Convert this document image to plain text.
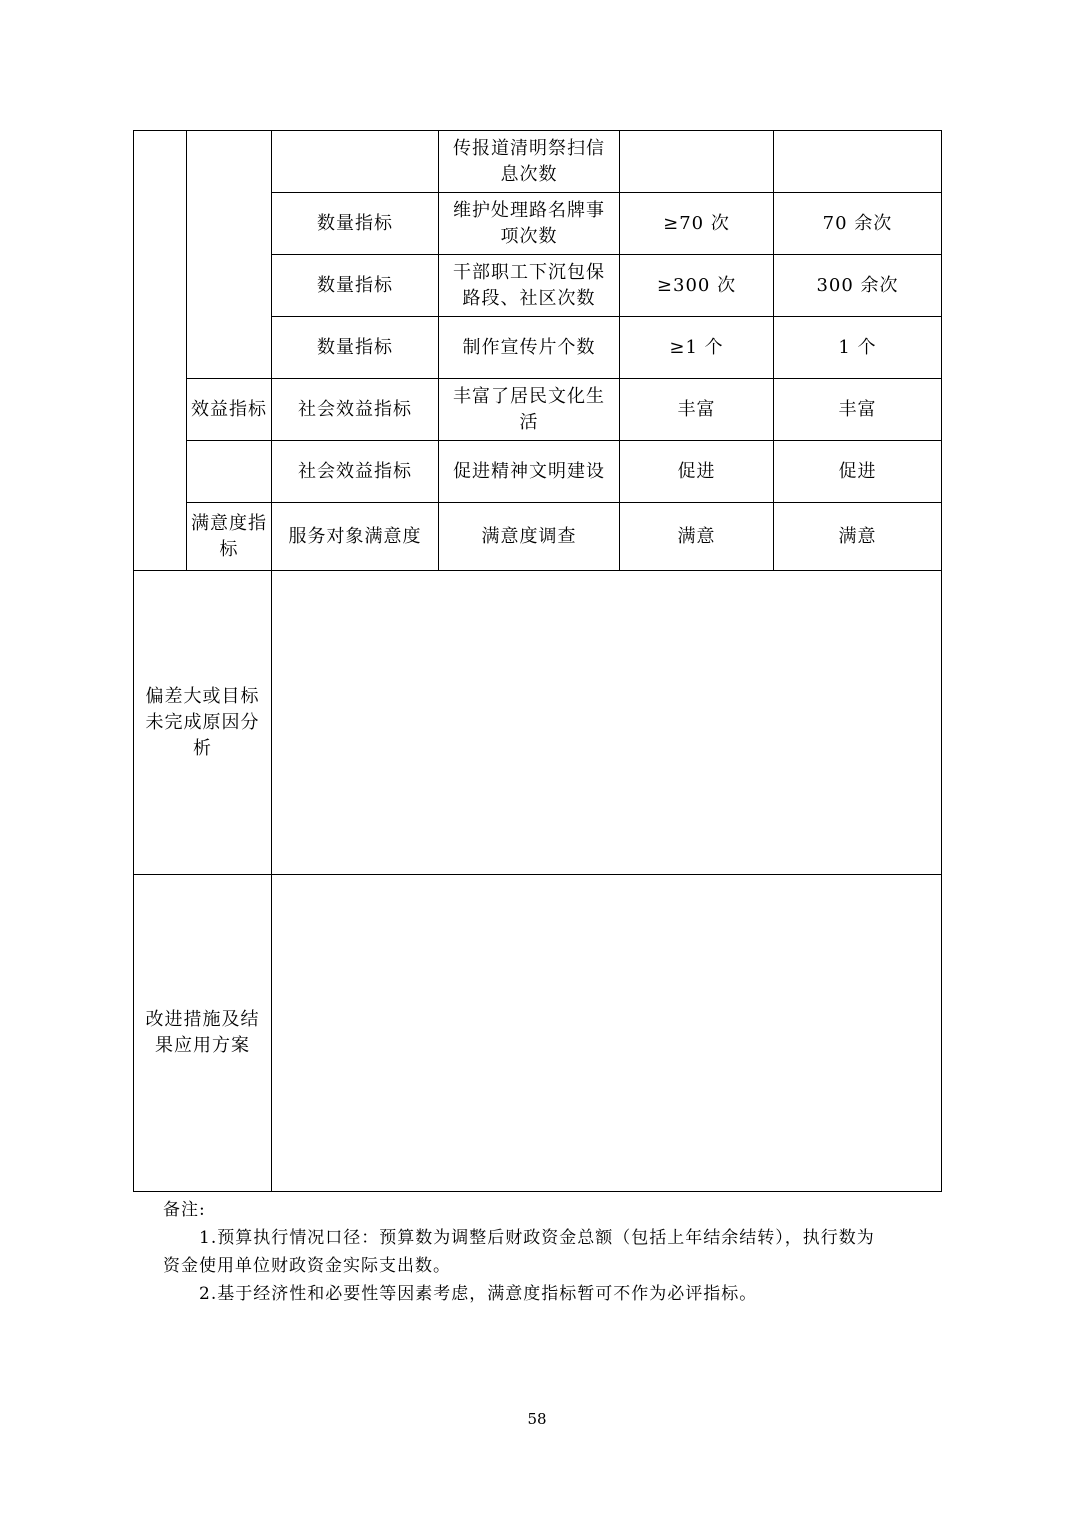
			传报道清明祭扫信息次数		
		数量指标	维护处理路名牌事项次数	≥70 次	70 余次
		数量指标	干部职工下沉包保路段、社区次数	≥300 次	300 余次
		数量指标	制作宣传片个数	≥1 个	1 个
	效益指标	社会效益指标	丰富了居民文化生活	丰富	丰富
		社会效益指标	促进精神文明建设	促进	促进
	满意度指　标	服务对象满意度	满意度调查	满意	满意
偏差大或目标未完成原因分析					
改进措施及结果应用方案					

备注:

1.预算执行情况口径：预算数为调整后财政资金总额（包括上年结余结转），执行数为

资金使用单位财政资金实际支出数。

2.基于经济性和必要性等因素考虑，满意度指标暂可不作为必评指标。

58
